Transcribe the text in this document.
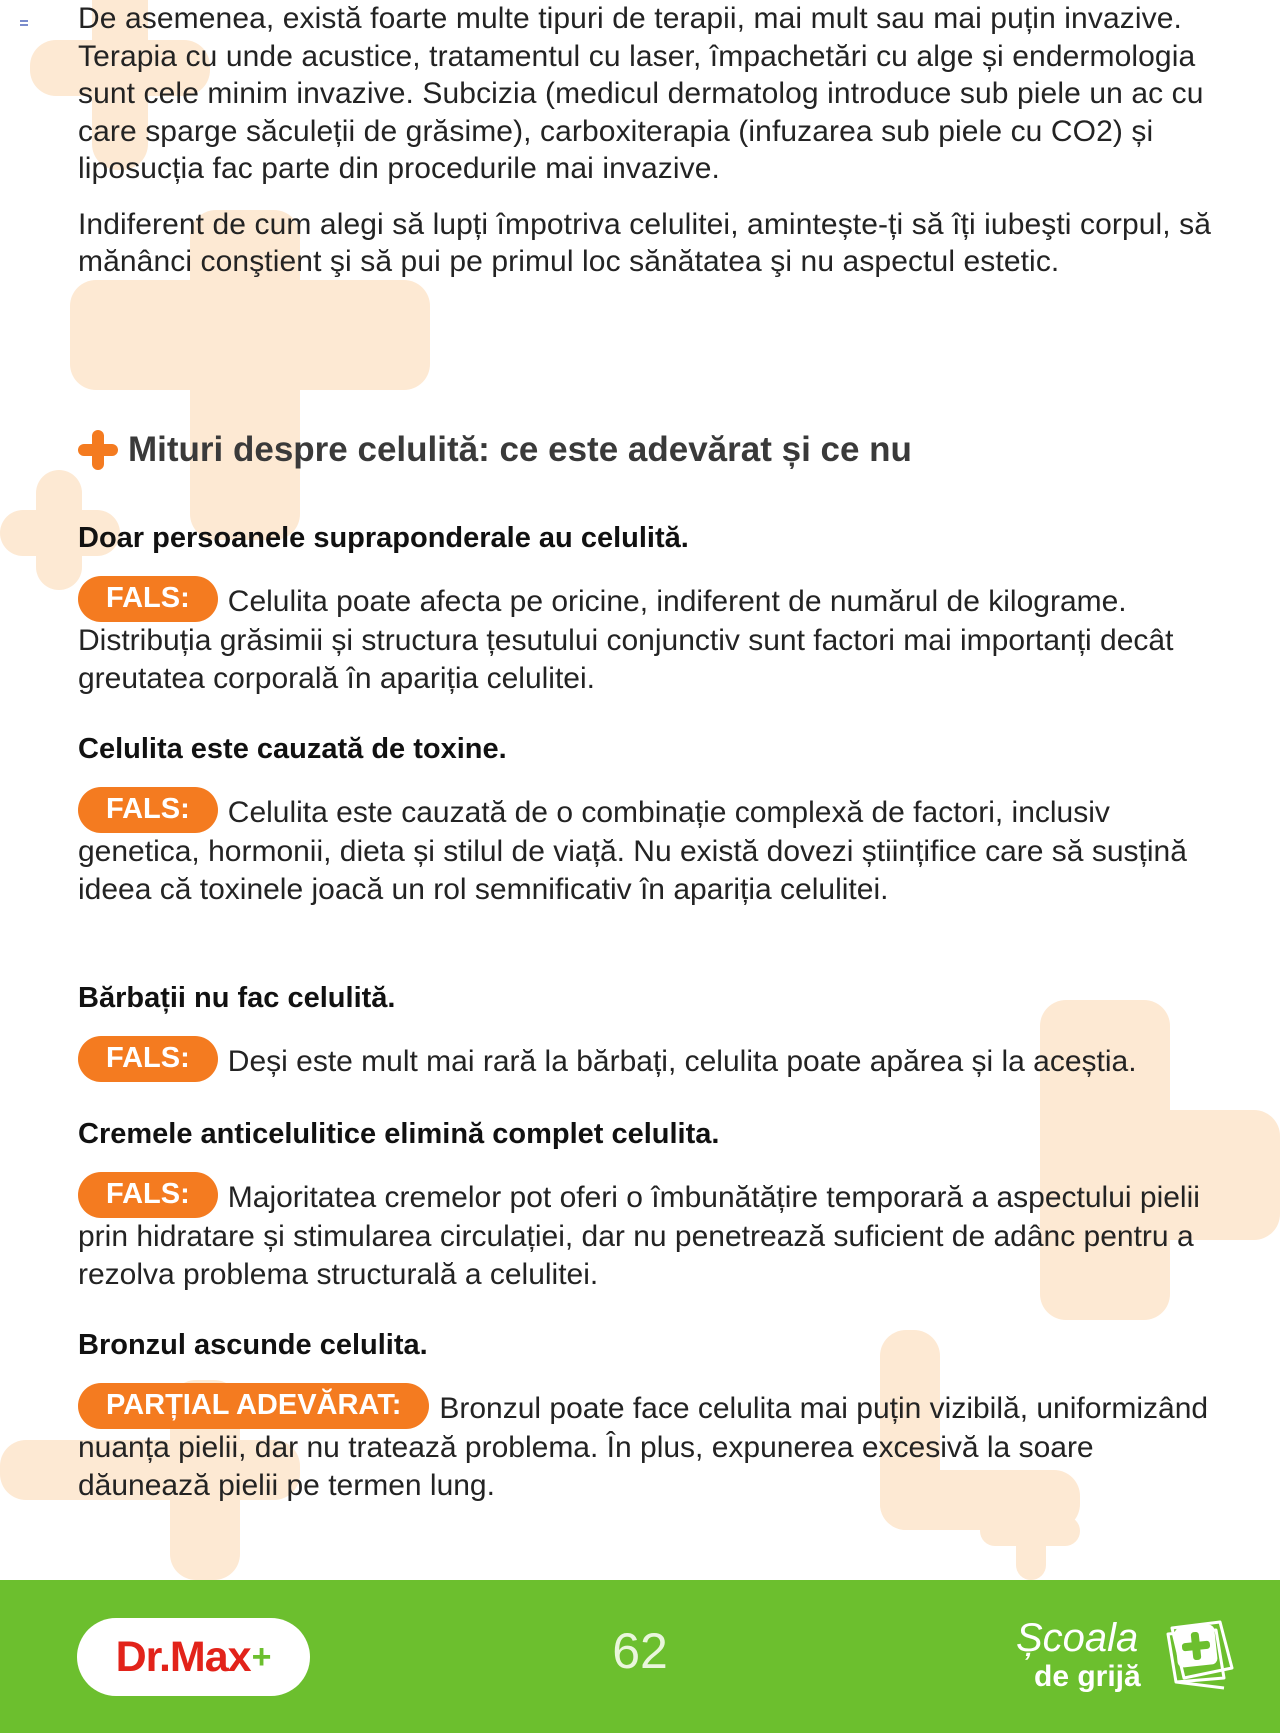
De asemenea, există foarte multe tipuri de terapii, mai mult sau mai puțin invazive. Terapia cu unde acustice, tratamentul cu laser, împachetări cu alge și endermologia sunt cele minim invazive. Subcizia (medicul dermatolog introduce sub piele un ac cu care sparge săculeții de grăsime), carboxiterapia (infuzarea sub piele cu CO2) și liposucția fac parte din procedurile mai invazive.

Indiferent de cum alegi să lupți împotriva celulitei, amintește-ți să îți iubeşti corpul, să mănânci conştient şi să pui pe primul loc sănătatea şi nu aspectul estetic.

Mituri despre celulită: ce este adevărat și ce nu
Doar persoanele supraponderale au celulită.

FALS: Celulita poate afecta pe oricine, indiferent de numărul de kilograme. Distribuția grăsimii și structura țesutului conjunctiv sunt factori mai importanți decât greutatea corporală în apariția celulitei.

Celulita este cauzată de toxine.

FALS: Celulita este cauzată de o combinație complexă de factori, inclusiv genetica, hormonii, dieta și stilul de viață. Nu există dovezi științifice care să susțină ideea că toxinele joacă un rol semnificativ în apariția celulitei.

Bărbații nu fac celulită.

FALS: Deși este mult mai rară la bărbați, celulita poate apărea și la aceștia.

Cremele anticelulitice elimină complet celulita.

FALS: Majoritatea cremelor pot oferi o îmbunătățire temporară a aspectului pielii prin hidratare și stimularea circulației, dar nu penetrează suficient de adânc pentru a rezolva problema structurală a celulitei.

Bronzul ascunde celulita.

PARȚIAL ADEVĂRAT: Bronzul poate face celulita mai puțin vizibilă, uniformizând nuanța pielii, dar nu tratează problema. În plus, expunerea excesivă la soare dăunează pielii pe termen lung.

Dr.Max +	62	Școala
de grijă
